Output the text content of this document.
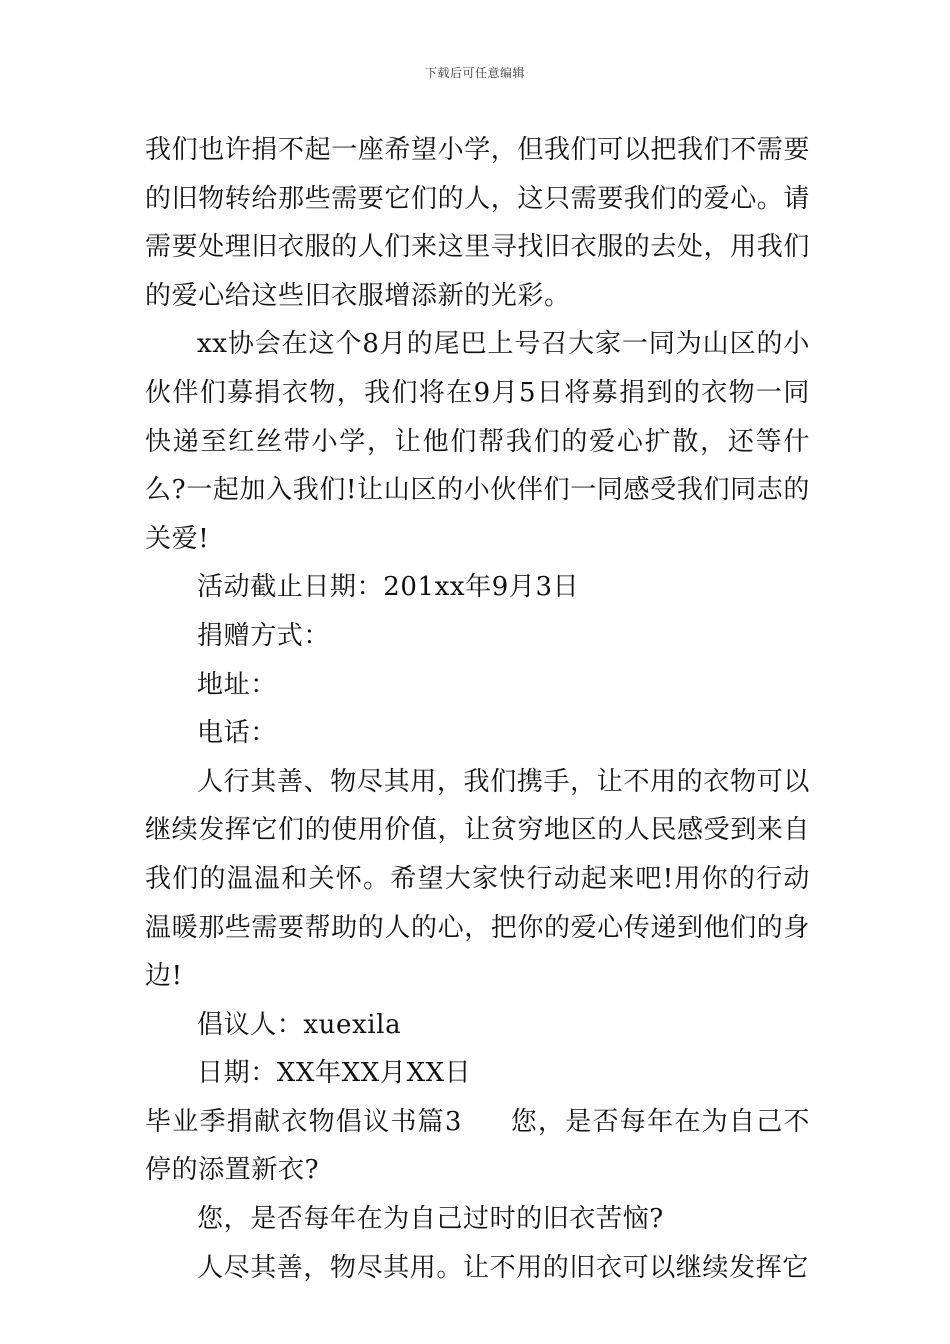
下载后可任意编辑

我们也许捐不起一座希望小学，但我们可以把我们不需要的旧物转给那些需要它们的人，这只需要我们的爱心。请需要处理旧衣服的人们来这里寻找旧衣服的去处，用我们的爱心给这些旧衣服增添新的光彩。

xx协会在这个8月的尾巴上号召大家一同为山区的小伙伴们募捐衣物，我们将在9月5日将募捐到的衣物一同快递至红丝带小学，让他们帮我们的爱心扩散，还等什么?一起加入我们!让山区的小伙伴们一同感受我们同志的关爱!

活动截止日期：201xx年9月3日

捐赠方式：

地址：

电话：

人行其善、物尽其用，我们携手，让不用的衣物可以继续发挥它们的使用价值，让贫穷地区的人民感受到来自我们的温温和关怀。希望大家快行动起来吧!用你的行动温暖那些需要帮助的人的心，把你的爱心传递到他们的身边!

倡议人：xuexila

日期：XX年XX月XX日

毕业季捐献衣物倡议书篇3 您，是否每年在为自己不停的添置新衣?

您，是否每年在为自己过时的旧衣苦恼?

人尽其善，物尽其用。让不用的旧衣可以继续发挥它
